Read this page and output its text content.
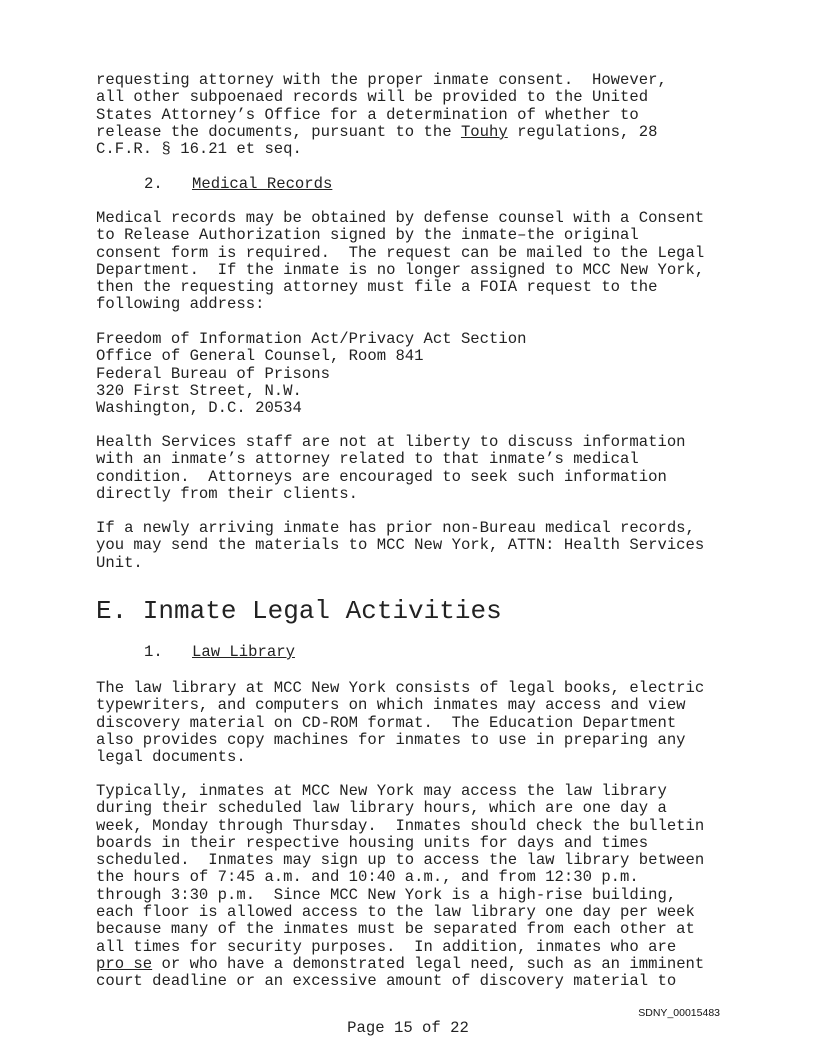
requesting attorney with the proper inmate consent.  However,
all other subpoenaed records will be provided to the United
States Attorney’s Office for a determination of whether to
release the documents, pursuant to the Touhy regulations, 28
C.F.R. § 16.21 et seq.
2. Medical Records
Medical records may be obtained by defense counsel with a Consent
to Release Authorization signed by the inmate–the original
consent form is required.  The request can be mailed to the Legal
Department.  If the inmate is no longer assigned to MCC New York,
then the requesting attorney must file a FOIA request to the
following address:
Freedom of Information Act/Privacy Act Section
Office of General Counsel, Room 841
Federal Bureau of Prisons
320 First Street, N.W.
Washington, D.C. 20534
Health Services staff are not at liberty to discuss information
with an inmate’s attorney related to that inmate’s medical
condition.  Attorneys are encouraged to seek such information
directly from their clients.
If a newly arriving inmate has prior non-Bureau medical records,
you may send the materials to MCC New York, ATTN: Health Services
Unit.
E. Inmate Legal Activities
1. Law Library
The law library at MCC New York consists of legal books, electric
typewriters, and computers on which inmates may access and view
discovery material on CD-ROM format.  The Education Department
also provides copy machines for inmates to use in preparing any
legal documents.
Typically, inmates at MCC New York may access the law library
during their scheduled law library hours, which are one day a
week, Monday through Thursday.  Inmates should check the bulletin
boards in their respective housing units for days and times
scheduled.  Inmates may sign up to access the law library between
the hours of 7:45 a.m. and 10:40 a.m., and from 12:30 p.m.
through 3:30 p.m.  Since MCC New York is a high-rise building,
each floor is allowed access to the law library one day per week
because many of the inmates must be separated from each other at
all times for security purposes.  In addition, inmates who are
pro se or who have a demonstrated legal need, such as an imminent
court deadline or an excessive amount of discovery material to
SDNY_00015483
Page 15 of 22
